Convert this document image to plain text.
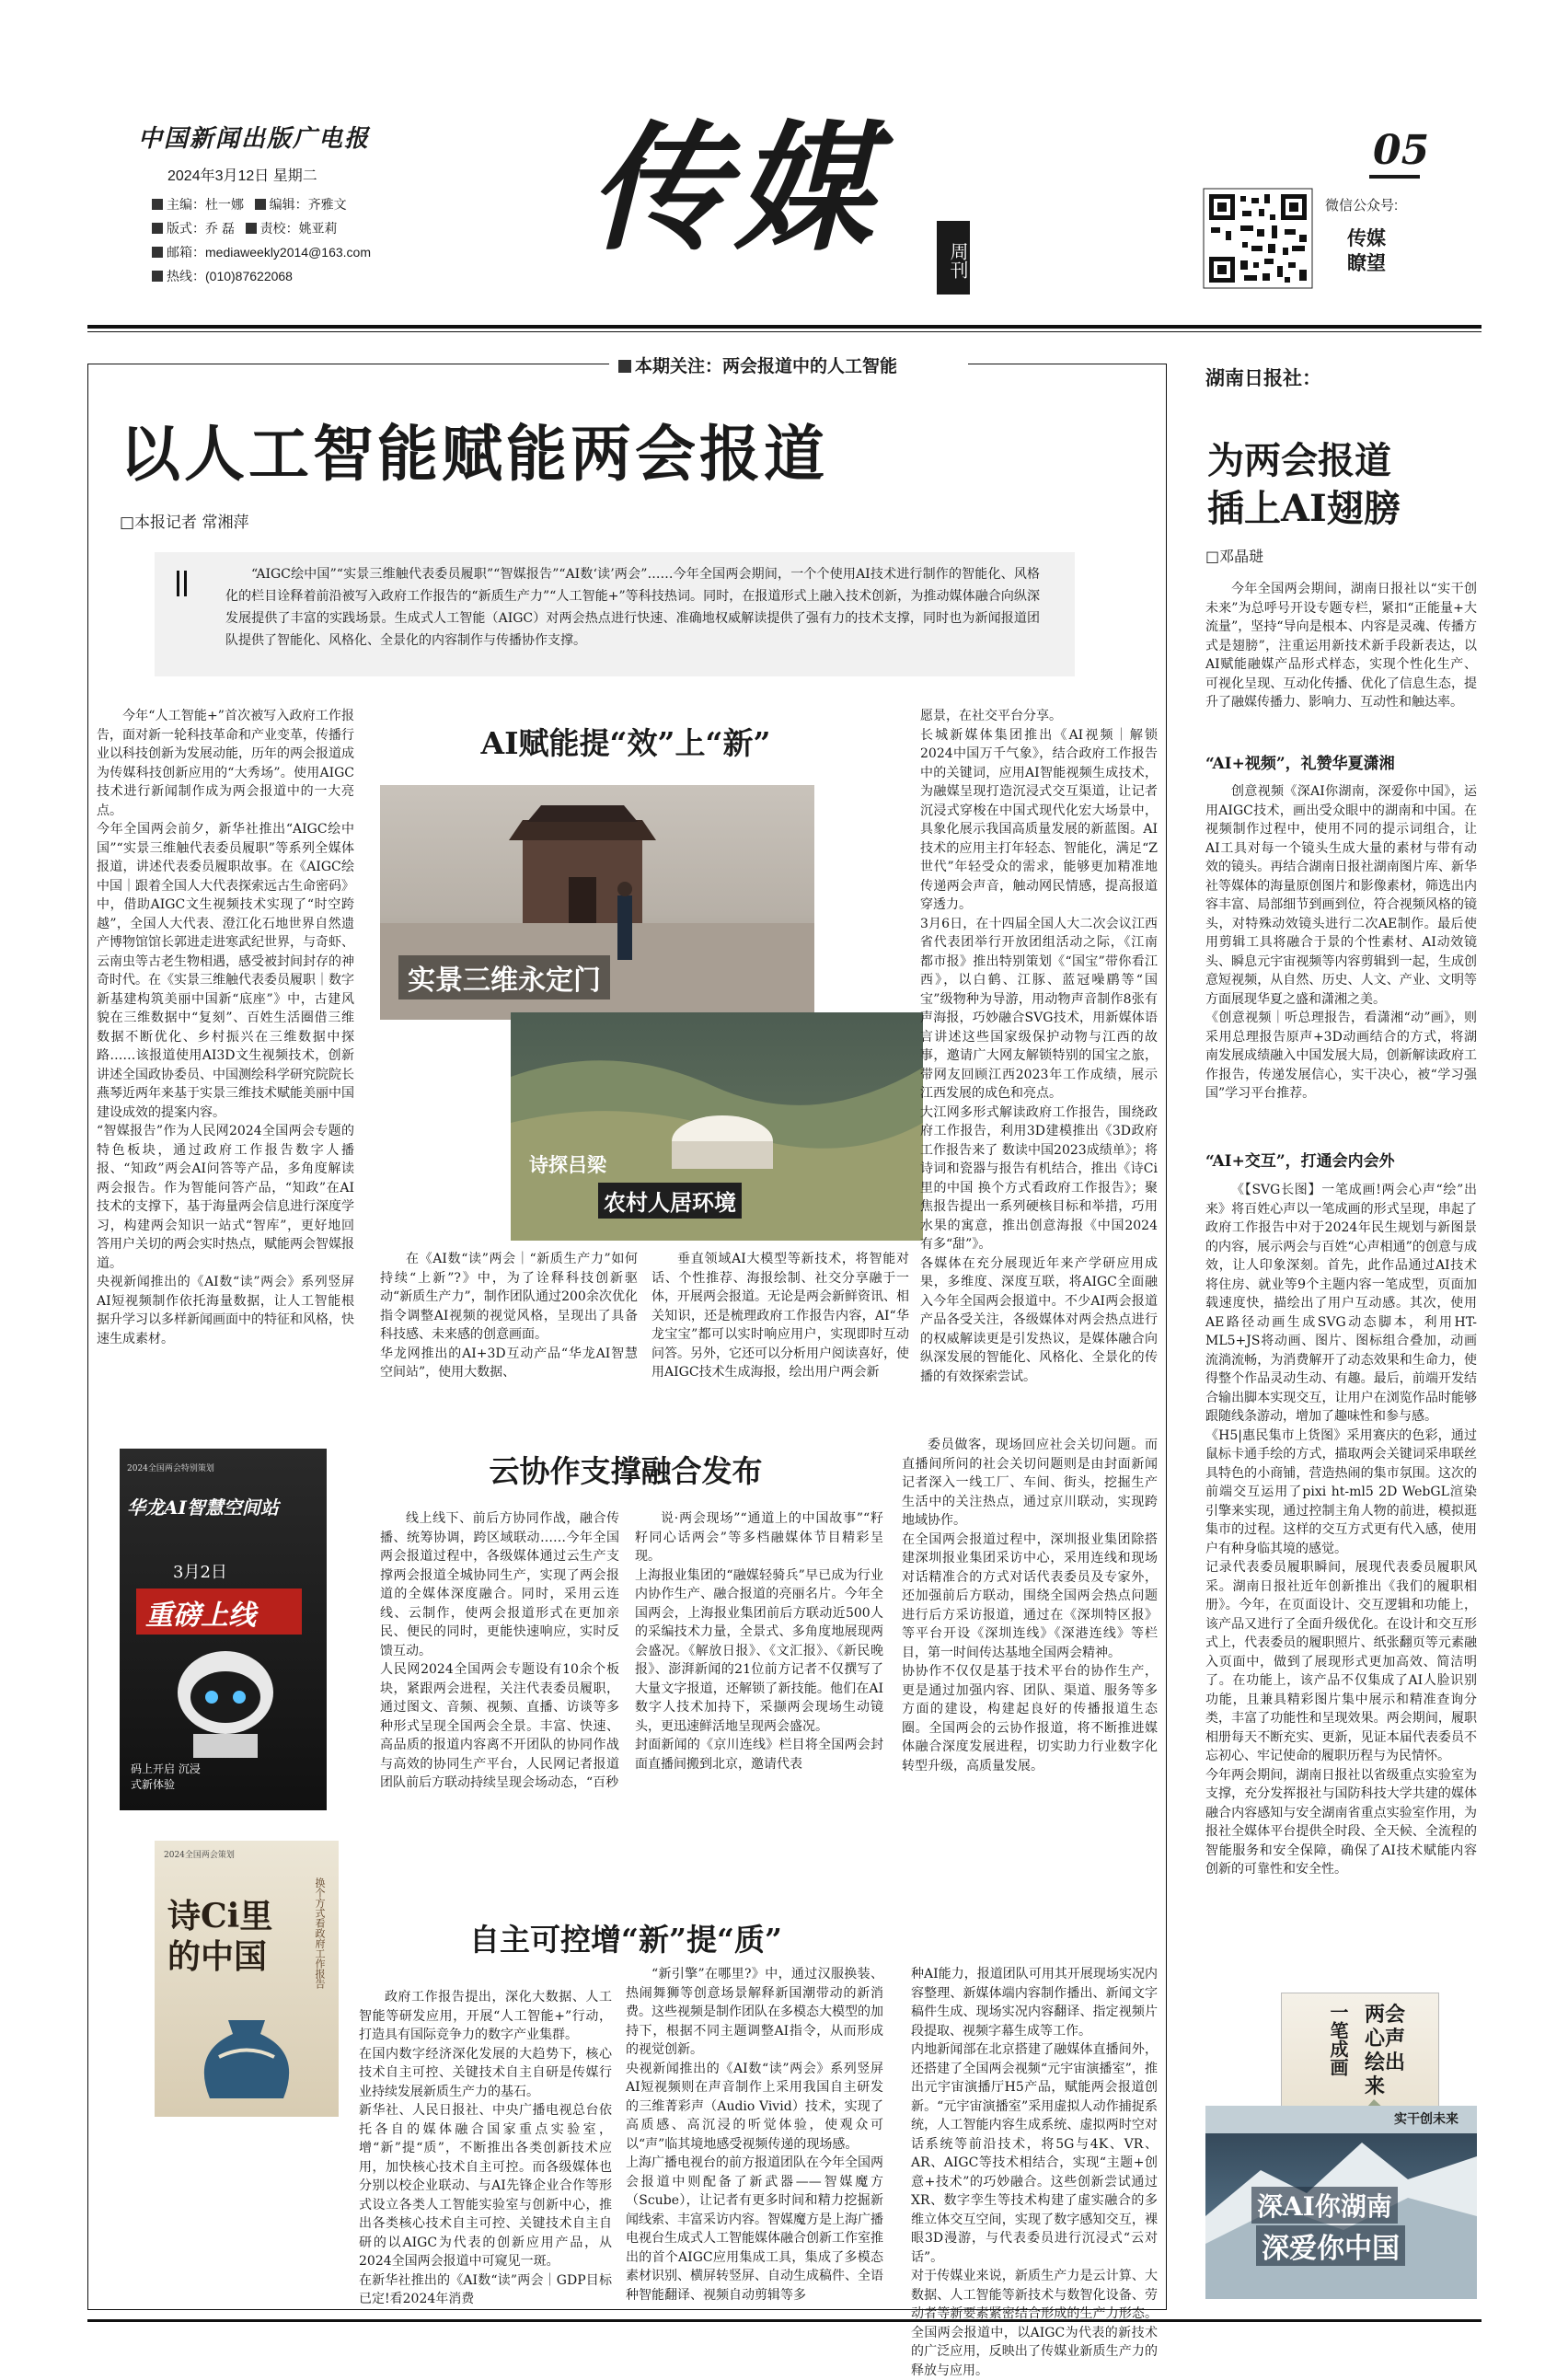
中国新闻出版广电报
2024年3月12日 星期二
主编：杜一娜 编辑：齐雅文
版式：乔 磊 责校：姚亚莉
邮箱：mediaweekly2014@163.com
热线：(010)87622068
传媒	周刊
05
微信公众号:
传媒瞭望
本期关注：两会报道中的人工智能
以人工智能赋能两会报道
□本报记者 常湘萍
“AIGC绘中国”“实景三维触代表委员履职”“智媒报告”“AI数‘读’两会”……今年全国两会期间，一个个使用AI技术进行制作的智能化、风格化的栏目诠释着前沿被写入政府工作报告的“新质生产力”“人工智能+”等科技热词。同时，在报道形式上融入技术创新，为推动媒体融合向纵深发展提供了丰富的实践场景。生成式人工智能（AIGC）对两会热点进行快速、准确地权威解读提供了强有力的技术支撑，同时也为新闻报道团队提供了智能化、风格化、全景化的内容制作与传播协作支撑。
今年“人工智能+”首次被写入政府工作报告，面对新一轮科技革命和产业变革，传播行业以科技创新为发展动能，历年的两会报道成为传媒科技创新应用的“大秀场”。使用AIGC技术进行新闻制作成为两会报道中的一大亮点。
今年全国两会前夕，新华社推出“AIGC绘中国”“实景三维触代表委员履职”等系列全媒体报道，讲述代表委员履职故事。在《AIGC绘中国｜跟着全国人大代表探索远古生命密码》中，借助AIGC文生视频技术实现了“时空跨越”，全国人大代表、澄江化石地世界自然遗产博物馆馆长郭进走进寒武纪世界，与奇虾、云南虫等古老生物相遇，感受被封间封存的神奇时代。在《实景三维触代表委员履职｜数字新基建构筑美丽中国新“底座”》中，古建风貌在三维数据中“复刻”、百姓生活圈借三维数据不断优化、乡村振兴在三维数据中探路……该报道使用AI3D文生视频技术，创新讲述全国政协委员、中国测绘科学研究院院长燕琴近两年来基于实景三维技术赋能美丽中国建设成效的提案内容。
“智媒报告”作为人民网2024全国两会专题的特色板块，通过政府工作报告数字人播报、“知政”两会AI问答等产品，多角度解读两会报告。作为智能问答产品，“知政”在AI技术的支撑下，基于海量两会信息进行深度学习，构建两会知识一站式“智库”，更好地回答用户关切的两会实时热点，赋能两会智媒报道。
央视新闻推出的《AI数“读”两会》系列竖屏AI短视频制作依托海量数据，让人工智能根据升学习以多样新闻画面中的特征和风格，快速生成素材。
AI赋能提“效”上“新”
实景三维永定门
诗探吕梁
农村人居环境
在《AI数“读”两会｜“新质生产力”如何持续“上新”?》中，为了诠释科技创新驱动“新质生产力”，制作团队通过200余次优化指令调整AI视频的视觉风格，呈现出了具备科技感、未来感的创意画面。
华龙网推出的AI+3D互动产品“华龙AI智慧空间站”，使用大数据、
垂直领域AI大模型等新技术，将智能对话、个性推荐、海报绘制、社交分享融于一体，开展两会报道。无论是两会新鲜资讯、相关知识，还是梳理政府工作报告内容，AI“华龙宝宝”都可以实时响应用户，实现即时互动问答。另外，它还可以分析用户阅读喜好，使用AIGC技术生成海报，绘出用户两会新
愿景，在社交平台分享。
长城新媒体集团推出《AI视频｜解锁2024中国万千气象》，结合政府工作报告中的关键词，应用AI智能视频生成技术，为融媒呈现打造沉浸式交互渠道，让记者沉浸式穿梭在中国式现代化宏大场景中，具象化展示我国高质量发展的新蓝图。AI技术的应用主打年轻态、智能化，满足“Z世代”年轻受众的需求，能够更加精准地传递两会声音，触动网民情感，提高报道穿透力。
3月6日，在十四届全国人大二次会议江西省代表团举行开放团组活动之际，《江南都市报》推出特别策划《“国宝”带你看江西》，以白鹤、江豚、蓝冠噪鹛等“国宝”级物种为导游，用动物声音制作8张有声海报，巧妙融合SVG技术，用新媒体语言讲述这些国家级保护动物与江西的故事，邀请广大网友解锁特别的国宝之旅，带网友回顾江西2023年工作成绩，展示江西发展的成色和亮点。
大江网多形式解读政府工作报告，围绕政府工作报告，利用3D建模推出《3D政府工作报告来了 数读中国2023成绩单》；将诗词和瓷器与报告有机结合，推出《诗Ci里的中国 换个方式看政府工作报告》；聚焦报告提出一系列硬核目标和举措，巧用水果的寓意，推出创意海报《中国2024有多“甜”》。
各媒体在充分展现近年来产学研应用成果，多维度、深度互联，将AIGC全面融入今年全国两会报道中。不少AI两会报道产品各受关注，各级媒体对两会热点进行的权威解读更是引发热议，是媒体融合向纵深发展的智能化、风格化、全景化的传播的有效探索尝试。
2024全国两会特别策划
华龙AI智慧空间站
3月2日
重磅上线
码上开启 沉浸式新体验
云协作支撑融合发布
线上线下、前后方协同作战，融合传播、统筹协调，跨区域联动……今年全国两会报道过程中，各级媒体通过云生产支撑两会报道全城协同生产，实现了两会报道的全媒体深度融合。同时，采用云连线、云制作，使两会报道形式在更加亲民、便民的同时，更能快速响应，实时反馈互动。
人民网2024全国两会专题设有10余个板块，紧跟两会进程，关注代表委员履职，通过图文、音频、视频、直播、访谈等多种形式呈现全国两会全景。丰富、快速、高品质的报道内容离不开团队的协同作战与高效的协同生产平台，人民网记者报道团队前后方联动持续呈现会场动态，“百秒
说·两会现场”“通道上的中国故事”“籽籽同心话两会”等多档融媒体节目精彩呈现。
上海报业集团的“融媒轻骑兵”早已成为行业内协作生产、融合报道的亮丽名片。今年全国两会，上海报业集团前后方联动近500人的采编技术力量，全景式、多角度地展现两会盛况。《解放日报》、《文汇报》、《新民晚报》、澎湃新闻的21位前方记者不仅撰写了大量文字报道，还解锁了新技能。他们在AI数字人技术加持下，采撷两会现场生动镜头，更迅速鲜活地呈现两会盛况。
封面新闻的《京川连线》栏目将全国两会封面直播间搬到北京，邀请代表
委员做客，现场回应社会关切问题。而直播间所问的社会关切问题则是由封面新闻记者深入一线工厂、车间、街头，挖掘生产生活中的关注热点，通过京川联动，实现跨地域协作。
在全国两会报道过程中，深圳报业集团除搭建深圳报业集团采访中心，采用连线和现场对话精准合的方式对话代表委员及专家外，还加强前后方联动，围绕全国两会热点问题进行后方采访报道，通过在《深圳特区报》等平台开设《深圳连线》《深港连线》等栏目，第一时间传达基地全国两会精神。
协协作不仅仅是基于技术平台的协作生产，更是通过加强内容、团队、渠道、服务等多方面的建设，构建起良好的传播报道生态圈。全国两会的云协作报道，将不断推进媒体融合深度发展进程，切实助力行业数字化转型升级，高质量发展。
2024全国两会策划
诗Ci里的中国	换个方式看政府工作报告	自主可控增“新”提“质”
政府工作报告提出，深化大数据、人工智能等研发应用，开展“人工智能+”行动，打造具有国际竞争力的数字产业集群。
在国内数字经济深化发展的大趋势下，核心技术自主可控、关键技术自主自研是传媒行业持续发展新质生产力的基石。
新华社、人民日报社、中央广播电视总台依托各自的媒体融合国家重点实验室，增“新”提“质”，不断推出各类创新技术应用，加快核心技术自主可控。而各级媒体也分别以校企业联动、与AI先锋企业合作等形式设立各类人工智能实验室与创新中心，推出各类核心技术自主可控、关键技术自主自研的以AIGC为代表的创新应用产品，从2024全国两会报道中可窥见一斑。
在新华社推出的《AI数“读”两会｜GDP目标已定!看2024年消费
“新引擎”在哪里?》中，通过汉服换装、热闹舞狮等创意场景解释新国潮带动的新消费。这些视频是制作团队在多模态大模型的加持下，根据不同主题调整AI指令，从而形成的视觉创新。
央视新闻推出的《AI数“读”两会》系列竖屏AI短视频则在声音制作上采用我国自主研发的三维菁彩声（Audio Vivid）技术，实现了高质感、高沉浸的听觉体验，使观众可以“声”临其境地感受视频传递的现场感。
上海广播电视台的前方报道团队在今年全国两会报道中则配备了新武器——智媒魔方（Scube），让记者有更多时间和精力挖掘新闻线索、丰富采访内容。智媒魔方是上海广播电视台生成式人工智能媒体融合创新工作室推出的首个AIGC应用集成工具，集成了多模态素材识别、横屏转竖屏、自动生成稿件、全语种智能翻译、视频自动剪辑等多
种AI能力，报道团队可用其开展现场实况内容整理、新媒体端内容制作播出、新闻文字稿件生成、现场实况内容翻译、指定视频片段提取、视频字幕生成等工作。
内地新闻部在北京搭建了融媒体直播间外，还搭建了全国两会视频“元宇宙演播室”，推出元宇宙演播厅H5产品，赋能两会报道创新。“元宇宙演播室”采用虚拟人动作捕捉系统，人工智能内容生成系统、虚拟两时空对话系统等前沿技术，将5G与4K、VR、AR、AIGC等技术相结合，实现“主题+创意+技术”的巧妙融合。这些创新尝试通过XR、数字孪生等技术构建了虚实融合的多维立体交互空间，实现了数字感知交互，裸眼3D漫游，与代表委员进行沉浸式“云对话”。
对于传媒业来说，新质生产力是云计算、大数据、人工智能等新技术与数智化设备、劳动者等新要素紧密结合形成的生产力形态。全国两会报道中，以AIGC为代表的新技术的广泛应用，反映出了传媒业新质生产力的释放与应用。
湖南日报社：
为两会报道
插上AI翅膀
□邓晶琎
今年全国两会期间，湖南日报社以“实干创未来”为总呼号开设专题专栏，紧扣“正能量+大流量”，坚持“导向是根本、内容是灵魂、传播方式是翅膀”，注重运用新技术新手段新表达，以AI赋能融媒产品形式样态，实现个性化生产、可视化呈现、互动化传播、优化了信息生态，提升了融媒传播力、影响力、互动性和触达率。
“AI+视频”，礼赞华夏潇湘
创意视频《深AI你湖南，深爱你中国》，运用AIGC技术，画出受众眼中的湖南和中国。在视频制作过程中，使用不同的提示词组合，让AI工具对每一个镜头生成大量的素材与带有动效的镜头。再结合湖南日报社湖南图片库、新华社等媒体的海量原创图片和影像素材，筛选出内容丰富、局部细节到画到位，符合视频风格的镜头，对特殊动效镜头进行二次AE制作。最后使用剪辑工具将融合于景的个性素材、AI动效镜头、瞬息元宇宙视频等内容剪辑到一起，生成创意短视频，从自然、历史、人文、产业、文明等方面展现华夏之盛和潇湘之美。
《创意视频｜听总理报告，看潇湘“动”画》，则采用总理报告原声+3D动画结合的方式，将湖南发展成绩融入中国发展大局，创新解读政府工作报告，传递发展信心，实干决心，被“学习强国”学习平台推荐。
“AI+交互”，打通会内会外
《【SVG长图】一笔成画!两会心声“绘”出来》将百姓心声以一笔成画的形式呈现，串起了政府工作报告中对于2024年民生规划与新图景的内容，展示两会与百姓“心声相通”的创意与成效，让人印象深刻。首先，此作品通过AI技术将住房、就业等9个主题内容一笔成型，页面加载速度快，描绘出了用户互动感。其次，使用AE路径动画生成SVG动态脚本，利用HT-ML5+JS将动画、图片、图标组合叠加，动画流淌流畅，为消费解开了动态效果和生命力，使得整个作品灵动生动、有趣。最后，前端开发结合输出脚本实现交互，让用户在浏览作品时能够跟随线条游动，增加了趣味性和参与感。
《H5|惠民集市上货图》采用赛庆的色彩，通过鼠标卡通手绘的方式，描取两会关键词采串联丝具特色的小商铺，营造热闹的集市氛围。这次的前端交互运用了pixi ht-ml5 2D WebGL渲染引擎来实现，通过控制主角人物的前进，模拟逛集市的过程。这样的交互方式更有代入感，使用户有种身临其境的感觉。
记录代表委员履职瞬间，展现代表委员履职风采。湖南日报社近年创新推出《我们的履职相册》。今年，在页面设计、交互逻辑和功能上，该产品又进行了全面升级优化。在设计和交互形式上，代表委员的履职照片、纸张翻页等元素融入页面中，做到了展现形式更加高效、简洁明了。在功能上，该产品不仅集成了AI人脸识别功能，且兼具精彩图片集中展示和精准查询分类，丰富了功能性和呈现效果。两会期间，履职相册每天不断充实、更新，见证本届代表委员不忘初心、牢记使命的履职历程与为民情怀。
今年两会期间，湖南日报社以省级重点实验室为支撑，充分发挥报社与国防科技大学共建的媒体融合内容感知与安全湖南省重点实验室作用，为报社全媒体平台提供全时段、全天候、全流程的智能服务和安全保障，确保了AI技术赋能内容创新的可靠性和安全性。
一笔成画 两会心声绘出来
深AI你湖南
深爱你中国
实干创未来
